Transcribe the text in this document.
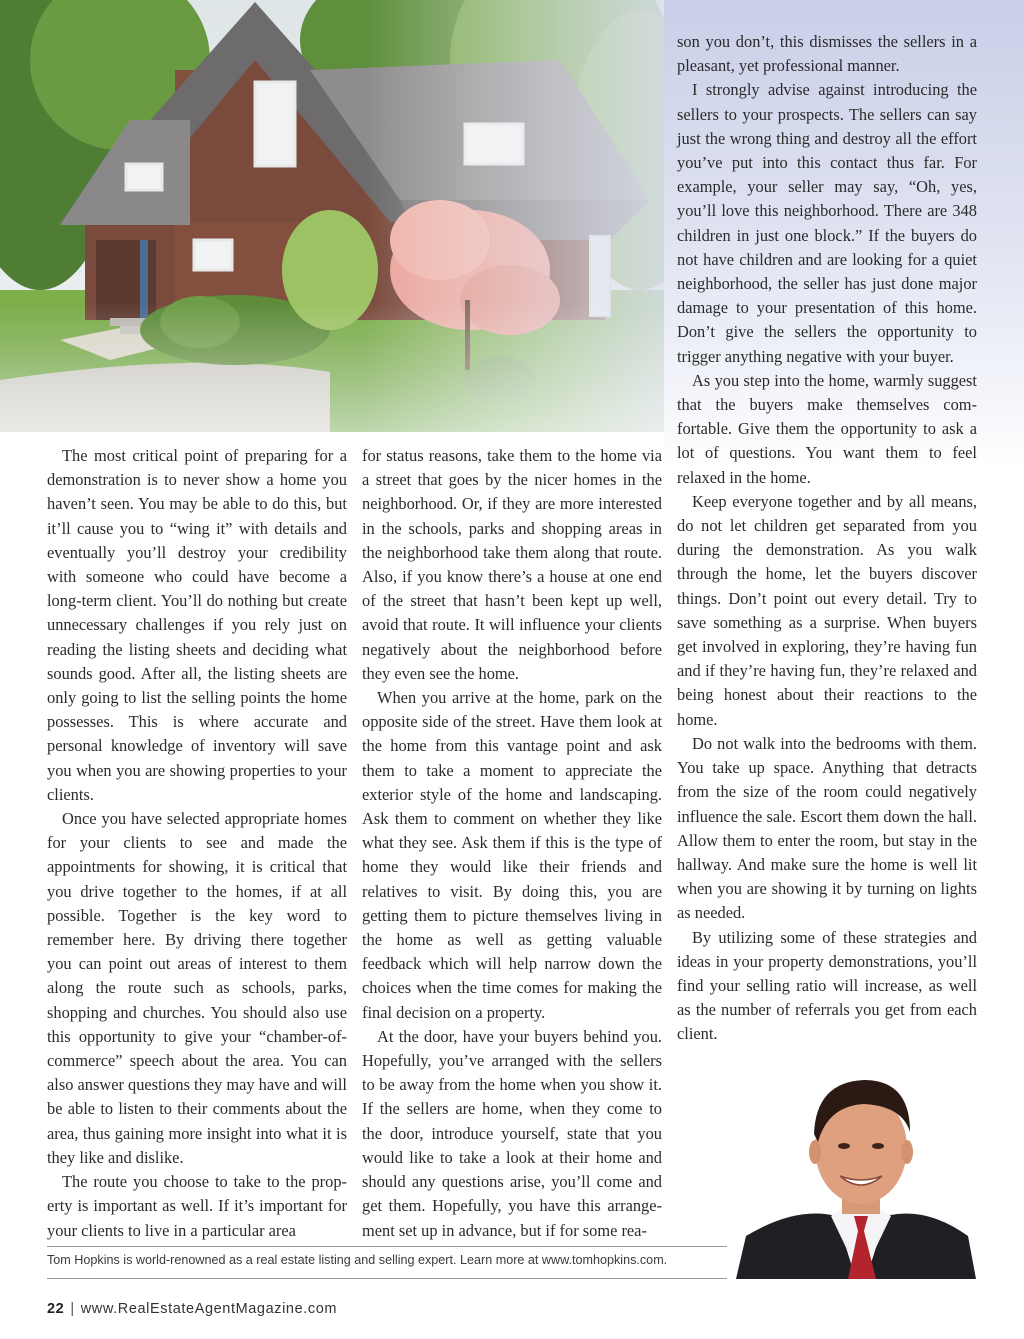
The most critical point of preparing for a demonstration is to never show a home you haven’t seen. You may be able to do this, but it’ll cause you to “wing it” with details and eventually you’ll destroy your credibility with someone who could have become a long-term client. You’ll do nothing but create unnecessary challenges if you rely just on reading the listing sheets and deciding what sounds good. After all, the listing sheets are only going to list the selling points the home possesses. This is where accurate and personal knowledge of inventory will save you when you are showing properties to your clients.

Once you have selected appropriate homes for your clients to see and made the appointments for showing, it is critical that you drive together to the homes, if at all possible. Together is the key word to remember here. By driving there together you can point out areas of interest to them along the route such as schools, parks, shopping and churches. You should also use this opportunity to give your “chamber-of-commerce” speech about the area. You can also answer questions they may have and will be able to listen to their comments about the area, thus gaining more insight into what it is they like and dislike.

The route you choose to take to the property is important as well. If it’s important for your clients to live in a particular area

for status reasons, take them to the home via a street that goes by the nicer homes in the neighborhood. Or, if they are more interested in the schools, parks and shopping areas in the neighborhood take them along that route. Also, if you know there’s a house at one end of the street that hasn’t been kept up well, avoid that route. It will influence your clients negatively about the neighborhood before they even see the home.

When you arrive at the home, park on the opposite side of the street. Have them look at the home from this vantage point and ask them to take a moment to appreciate the exterior style of the home and landscaping. Ask them to comment on whether they like what they see. Ask them if this is the type of home they would like their friends and relatives to visit. By doing this, you are getting them to picture themselves living in the home as well as getting valuable feedback which will help narrow down the choices when the time comes for making the final decision on a property.

At the door, have your buyers behind you. Hopefully, you’ve arranged with the sellers to be away from the home when you show it. If the sellers are home, when they come to the door, introduce yourself, state that you would like to take a look at their home and should any questions arise, you’ll come and get them. Hopefully, you have this arrangement set up in advance, but if for some rea-

son you don’t, this dismisses the sellers in a pleasant, yet professional manner.

I strongly advise against introducing the sellers to your prospects. The sellers can say just the wrong thing and destroy all the effort you’ve put into this contact thus far. For example, your seller may say, “Oh, yes, you’ll love this neighborhood. There are 348 children in just one block.” If the buyers do not have children and are looking for a quiet neighborhood, the seller has just done major damage to your presentation of this home. Don’t give the sellers the opportunity to trigger anything negative with your buyer.

As you step into the home, warmly suggest that the buyers make themselves comfortable. Give them the opportunity to ask a lot of questions. You want them to feel relaxed in the home.

Keep everyone together and by all means, do not let children get separated from you during the demonstration. As you walk through the home, let the buyers discover things. Don’t point out every detail. Try to save something as a surprise. When buyers get involved in exploring, they’re having fun and if they’re having fun, they’re relaxed and being honest about their reactions to the home.

Do not walk into the bedrooms with them. You take up space. Anything that detracts from the size of the room could negatively influence the sale. Escort them down the hall. Allow them to enter the room, but stay in the hallway. And make sure the home is well lit when you are showing it by turning on lights as needed.

By utilizing some of these strategies and ideas in your property demonstrations, you’ll find your selling ratio will increase, as well as the number of referrals you get from each client.

Tom Hopkins is world-renowned as a real estate listing and selling expert. Learn more at www.tomhopkins.com.
22 | www.RealEstateAgentMagazine.com
